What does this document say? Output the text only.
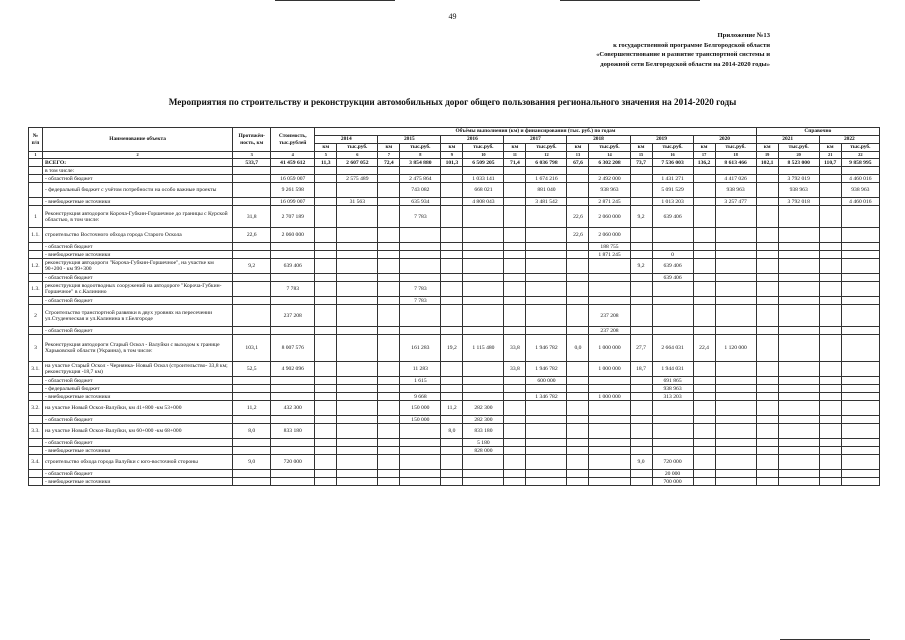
49
Приложение №13
к государственной программе Белгородской области
«Совершенствование и развитие транспортной системы и
дорожной сети Белгородской области на 2014-2020 годы»
Мероприятия по строительству и реконструкции автомобильных дорог общего пользования регионального значения на 2014-2020 годы
№ п/п	Наименование объекта	Протяжён-ность, км	Стоимость, тыс.рублей	Объёмы выполнения (км) и финансирования (тыс. руб.) по годам														Справочно			
				2014		2015		2016		2017		2018		2019		2020		2021		2022	
				км	тыс.руб.	км	тыс.руб.	км	тыс.руб.	км	тыс.руб.	км	тыс.руб.	км	тыс.руб.	км	тыс.руб.	км	тыс.руб.	км	тыс.руб.
1	2	3	4	5	6	7	8	9	10	11	12	13	14	15	16	17	18	19	20	21	22
	ВСЕГО:	533,7	41 459 612	11,3	2 607 052	72,4	3 854 880	101,3	6 509 205	71,4	6 036 798	67,6	6 302 208	73,7	7 536 003	136,2	8 613 466	102,1	8 523 000	110,7	9 858 995
	в том числе:																				
	- областной бюджет		16 059 007		2 575 489		2 475 864		1 033 141		1 674 216		2 492 000		1 431 271		4 417 026		3 792 019		4 460 016
	- федеральный бюджет с учётом потребности на особо важные проекты		9 261 598				743 082		668 021		881 040		938 963		5 091 529		938 963		938 963		938 963
	- внебюджетные источники		16 099 007		31 563		635 934		4 808 043		3 481 542		2 871 245		1 013 203		3 257 477		3 792 018		4 460 016
1	Реконструкция автодороги Короча-Губкин-Горшечное до границы с Курской областью, в том числе:	31,8	2 707 189				7 783					22,6	2 060 000	9,2	639 406						
1.1.	строительство Восточного обхода города Старого Оскола	22,6	2 060 000									22,6	2 060 000								
	- областной бюджет												188 755								
	- внебюджетные источники												1 871 245		0						
1.2.	реконструкция автодороги "Короча-Губкин-Горшечное", на участке км 90+200 - км 99+300	9,2	639 406											9,2	639 406						
	- областной бюджет														639 406						
1.3.	реконструкция водоотводных сооружений на автодороге "Короча-Губкин-Горшечное" в с.Калинино		7 783				7 783														
	- областной бюджет						7 783														
2	Строительство транспортной развязки в двух уровнях на пересечении ул.Студенческая и ул.Калинина в г.Белгороде		237 208										237 208								
	- областной бюджет												237 208								
3	Реконструкция автодороги Старый Оскол - Валуйки с выходом к границе Харьковской области (Украина), в том числе:	103,1	8 007 576				161 283	19,2	1 115 480	33,8	1 946 782	0,0	1 000 000	27,7	2 664 031	22,4	1 120 000				
3.1.	на участке Старый Оскол - Чернянка- Новый Оскол (строительство- 33,8 км; реконструкция -18,7 км)	52,5	4 902 096				11 283			33,8	1 946 782		1 000 000	18,7	1 944 031						
	- областной бюджет						1 615				600 000				691 865						
	- федеральный бюджет														938 963						
	- внебюджетные источники						9 668				1 346 782		1 000 000		313 203						
3.2.	на участке Новый Оскол-Валуйки, км 41+800 -км 53+000	11,2	432 300				150 000	11,2	282 300												
	- областной бюджет						150 000		282 300												
3.3.	на участке Новый Оскол-Валуйки, км 60+000 -км 68+000	8,0	833 180					8,0	833 180												
	- областной бюджет								5 180												
	- внебюджетные источники								828 000												
3.4.	строительство обхода города Валуйки с юго-восточной стороны	9,0	720 000											9,0	720 000						
	- областной бюджет														20 000						
	- внебюджетные источники														700 000						
